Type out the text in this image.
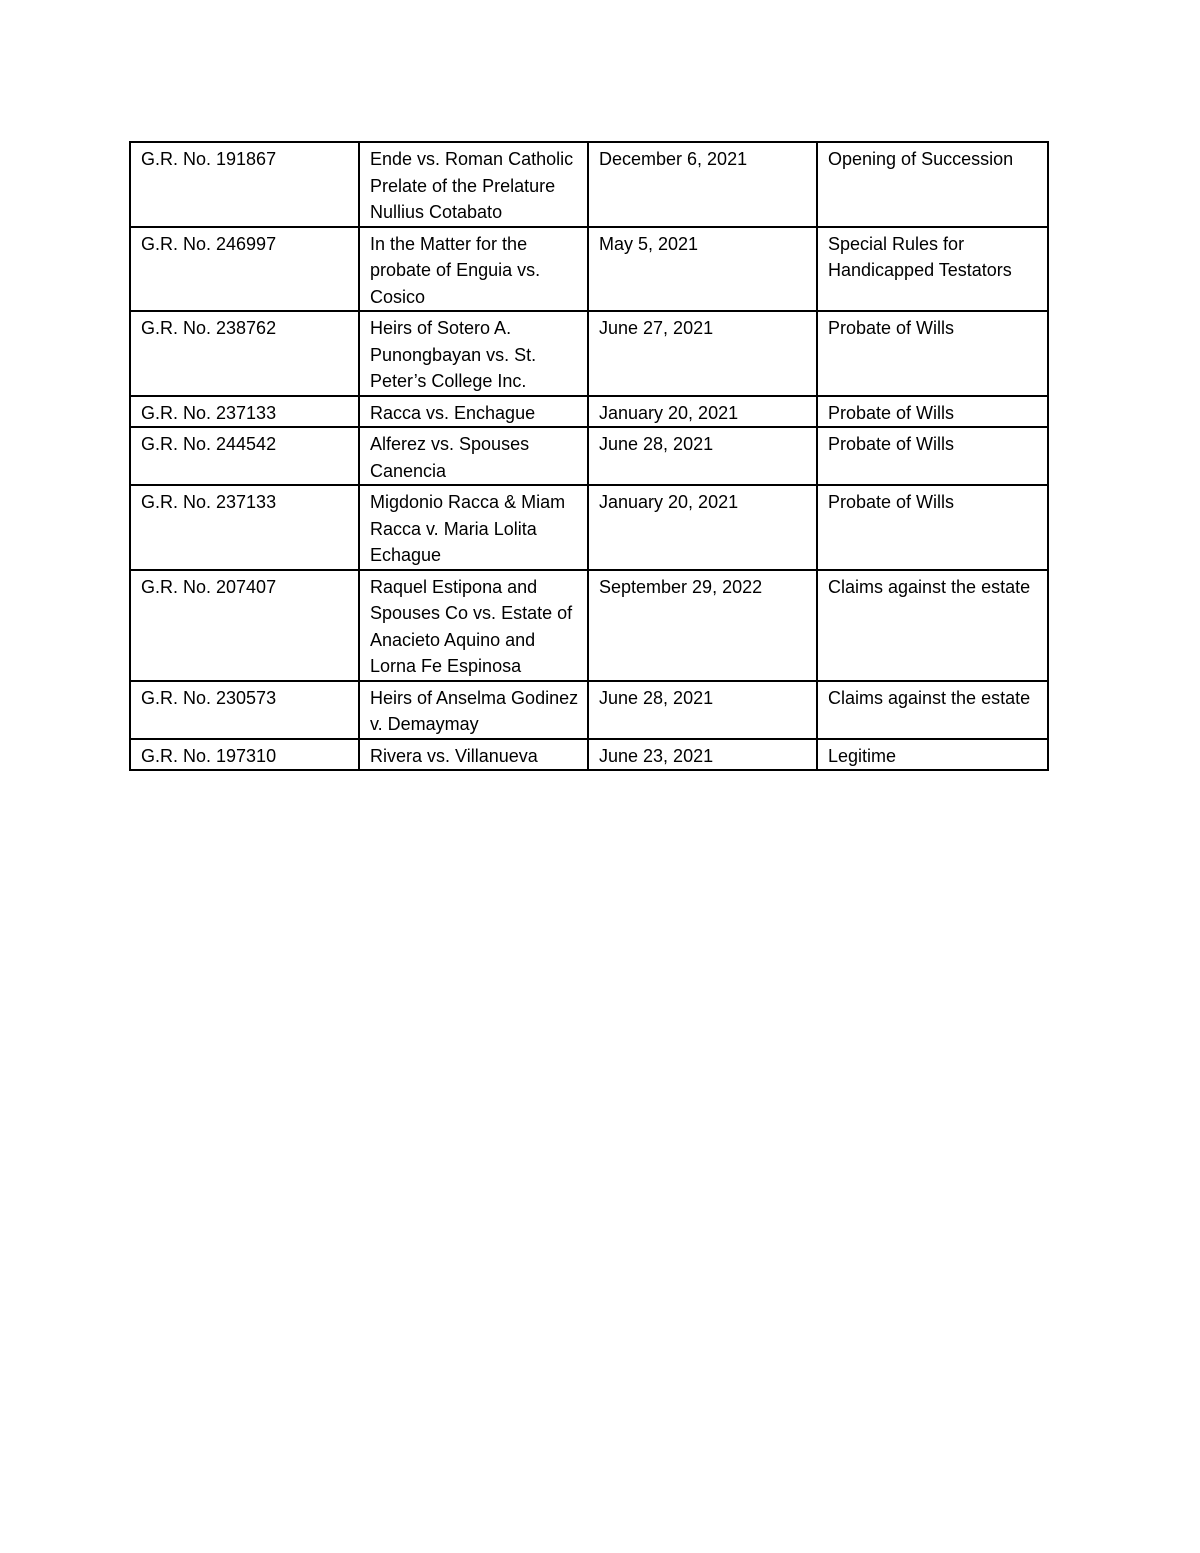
G.R. No. 191867	Ende vs. Roman Catholic Prelate of the Prelature Nullius Cotabato	December 6, 2021	Opening of Succession
G.R. No. 246997	In the Matter for the probate of Enguia vs. Cosico	May 5, 2021	Special Rules for Handicapped Testators
G.R. No. 238762	Heirs of Sotero A. Punongbayan vs. St. Peter’s College Inc.	June 27, 2021	Probate of Wills
G.R. No. 237133	Racca vs. Enchague	January 20, 2021	Probate of Wills
G.R. No. 244542	Alferez vs. Spouses Canencia	June 28, 2021	Probate of Wills
G.R. No. 237133	Migdonio Racca & Miam Racca v. Maria Lolita Echague	January 20, 2021	Probate of Wills
G.R. No. 207407	Raquel Estipona and Spouses Co vs. Estate of Anacieto Aquino and Lorna Fe Espinosa	September 29, 2022	Claims against the estate
G.R. No. 230573	Heirs of Anselma Godinez v. Demaymay	June 28, 2021	Claims against the estate
G.R. No. 197310	Rivera vs. Villanueva	June 23, 2021	Legitime
